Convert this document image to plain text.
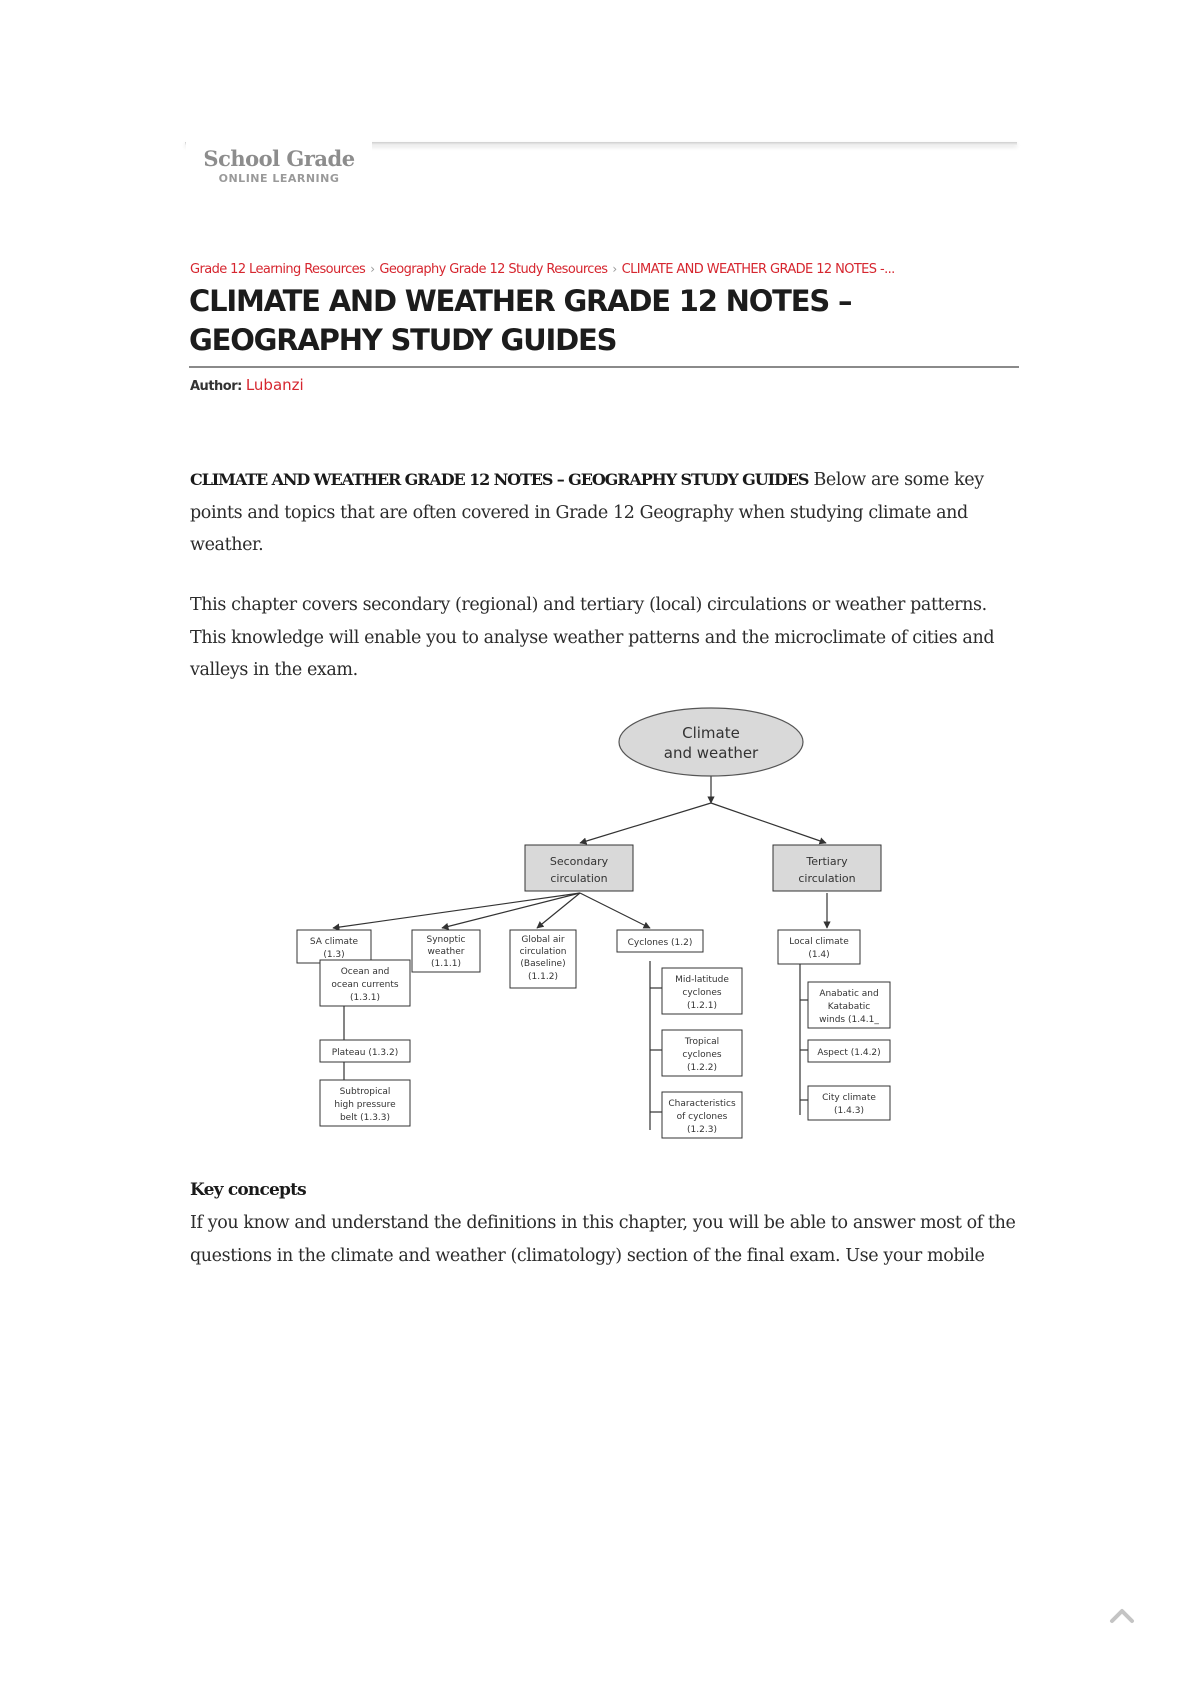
School Grade
ONLINE LEARNING
Grade 12 Learning Resources › Geography Grade 12 Study Resources › CLIMATE AND WEATHER GRADE 12 NOTES -...
CLIMATE AND WEATHER GRADE 12 NOTES – GEOGRAPHY STUDY GUIDES
Author: Lubanzi

CLIMATE AND WEATHER GRADE 12 NOTES – GEOGRAPHY STUDY GUIDES Below are some key points and topics that are often covered in Grade 12 Geography when studying climate and weather.

This chapter covers secondary (regional) and tertiary (local) circulations or weather patterns. This knowledge will enable you to analyse weather patterns and the microclimate of cities and valleys in the exam.

Climate
and weather
Secondary
circulation
Tertiary
circulation
SA climate
(1.3)
Synoptic
weather
(1.1.1)
Global air
circulation
(Baseline)
(1.1.2)
Cyclones (1.2)	Local climate
(1.4)
Ocean and
ocean currents
(1.3.1)
Plateau (1.3.2)
Subtropical
high pressure
belt (1.3.3)
Mid-latitude
cyclones
(1.2.1)
Tropical
cyclones
(1.2.2)
Characteristics
of cyclones
(1.2.3)
Anabatic and
Katabatic
winds (1.4.1_
Aspect (1.4.2)
City climate
(1.4.3)
Key concepts

If you know and understand the definitions in this chapter, you will be able to answer most of the questions in the climate and weather (climatology) section of the final exam. Use your mobile
